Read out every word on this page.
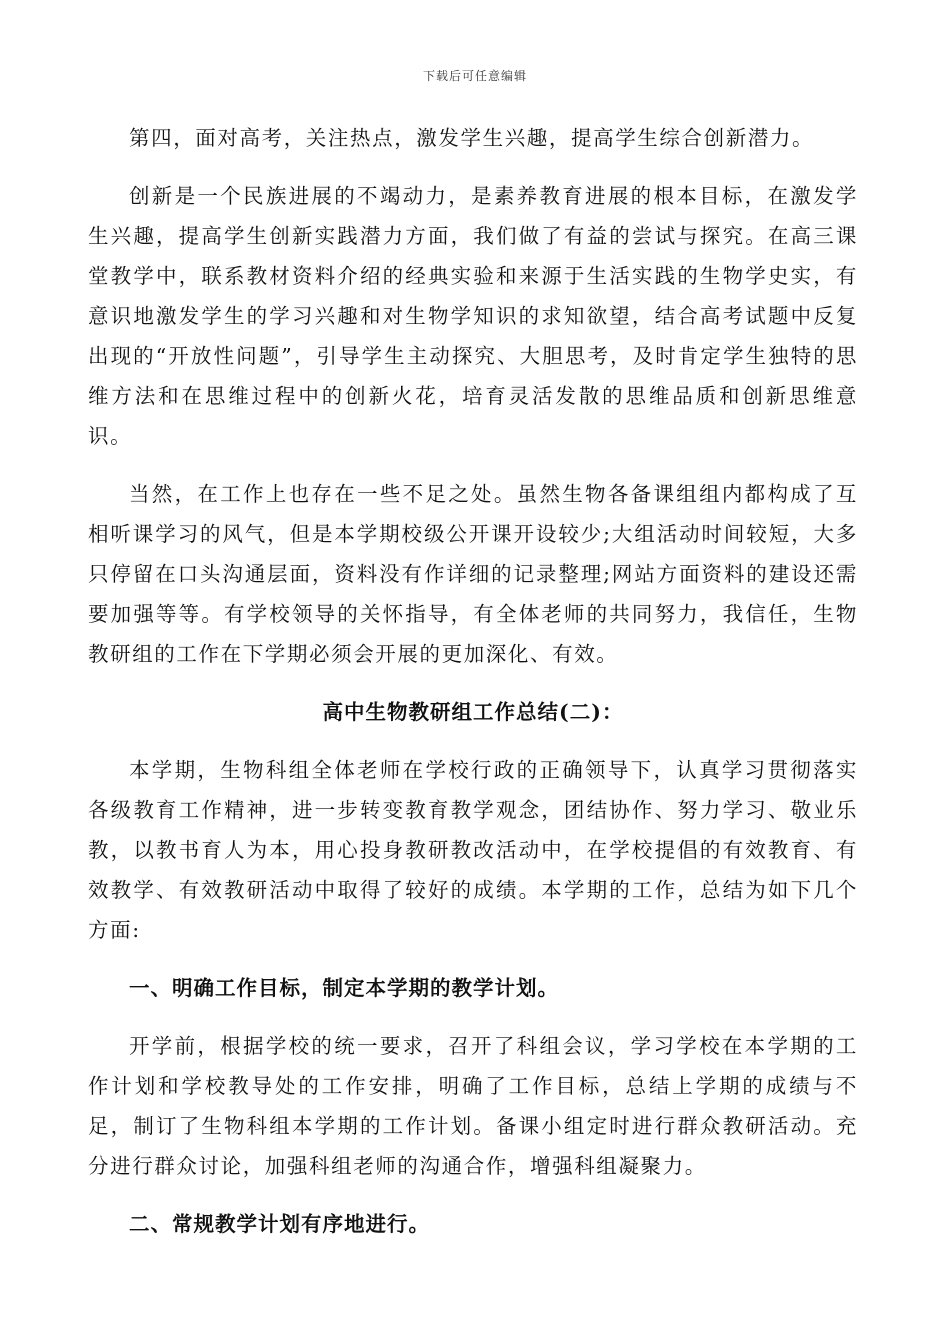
下载后可任意编辑

第四，面对高考，关注热点，激发学生兴趣，提高学生综合创新潜力。

创新是一个民族进展的不竭动力，是素养教育进展的根本目标，在激发学生兴趣，提高学生创新实践潜力方面，我们做了有益的尝试与探究。在高三课堂教学中，联系教材资料介绍的经典实验和来源于生活实践的生物学史实，有意识地激发学生的学习兴趣和对生物学知识的求知欲望，结合高考试题中反复出现的“开放性问题”，引导学生主动探究、大胆思考，及时肯定学生独特的思维方法和在思维过程中的创新火花，培育灵活发散的思维品质和创新思维意识。

当然，在工作上也存在一些不足之处。虽然生物各备课组组内都构成了互相听课学习的风气，但是本学期校级公开课开设较少;大组活动时间较短，大多只停留在口头沟通层面，资料没有作详细的记录整理;网站方面资料的建设还需要加强等等。有学校领导的关怀指导，有全体老师的共同努力，我信任，生物教研组的工作在下学期必须会开展的更加深化、有效。

高中生物教研组工作总结(二)：

本学期，生物科组全体老师在学校行政的正确领导下，认真学习贯彻落实各级教育工作精神，进一步转变教育教学观念，团结协作、努力学习、敬业乐教，以教书育人为本，用心投身教研教改活动中，在学校提倡的有效教育、有效教学、有效教研活动中取得了较好的成绩。本学期的工作，总结为如下几个方面:

一、明确工作目标，制定本学期的教学计划。

开学前，根据学校的统一要求，召开了科组会议，学习学校在本学期的工作计划和学校教导处的工作安排，明确了工作目标，总结上学期的成绩与不足，制订了生物科组本学期的工作计划。备课小组定时进行群众教研活动。充分进行群众讨论，加强科组老师的沟通合作，增强科组凝聚力。

二、常规教学计划有序地进行。
